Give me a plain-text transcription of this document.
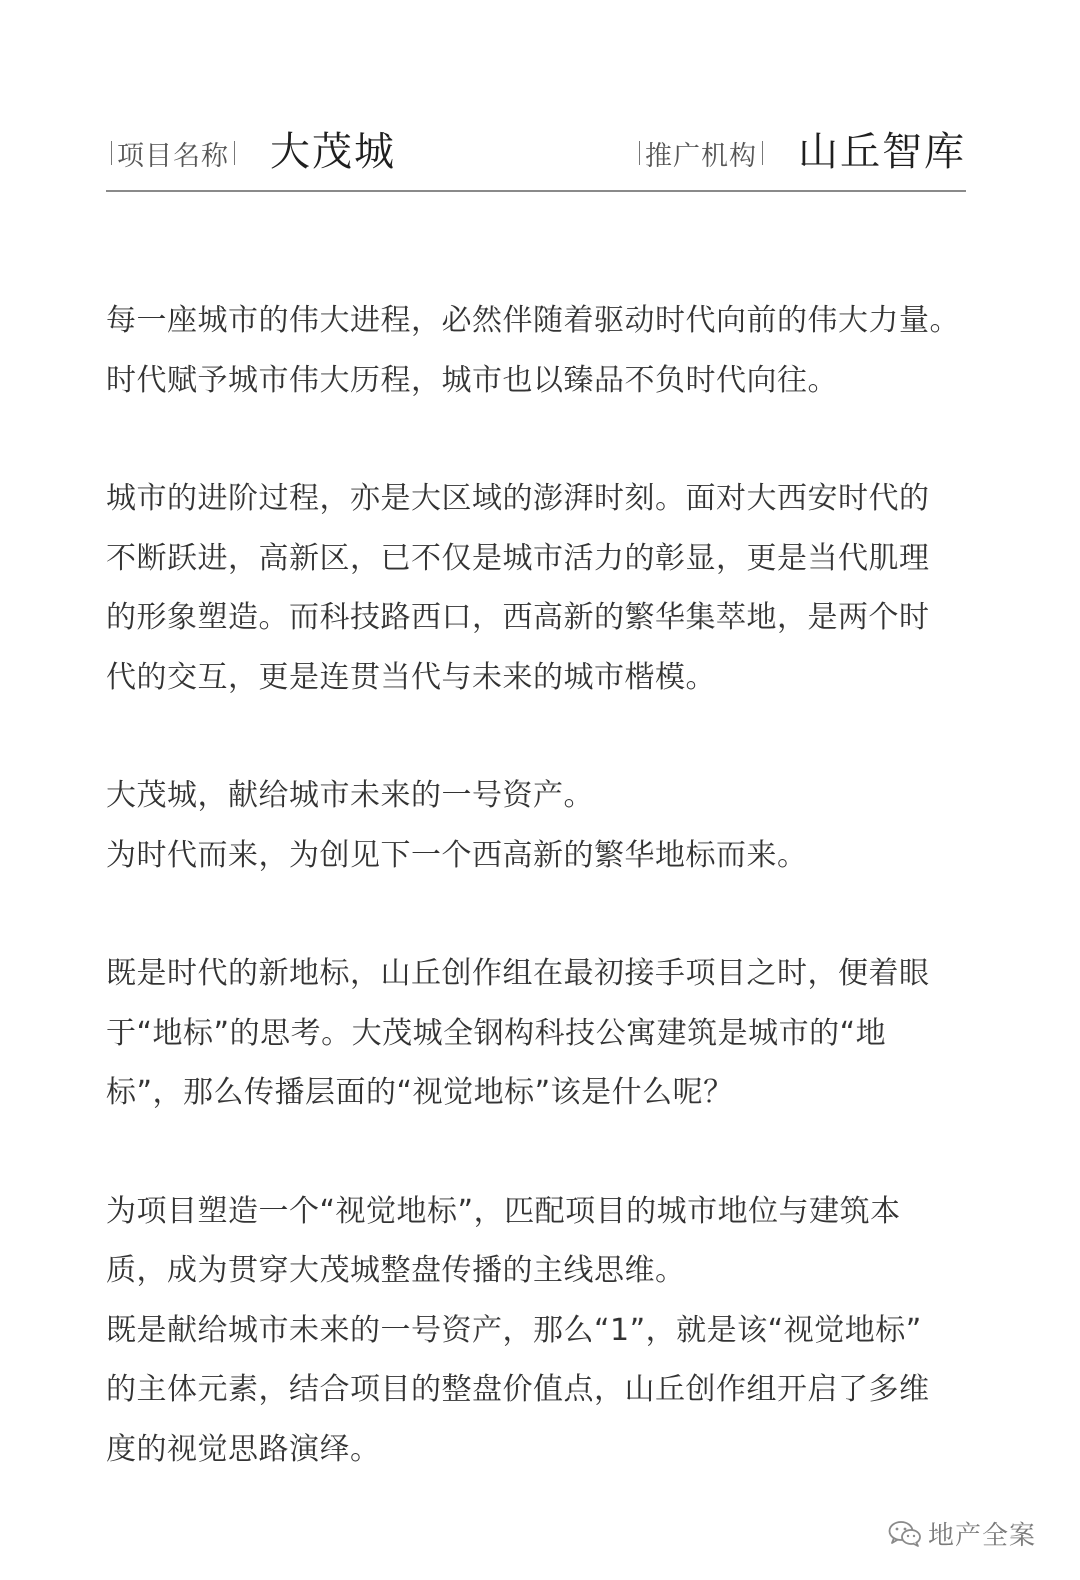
项目名称 大茂城	推广机构 山丘智库
每一座城市的伟大进程，必然伴随着驱动时代向前的伟大力量。
时代赋予城市伟大历程，城市也以臻品不负时代向往。
城市的进阶过程，亦是大区域的澎湃时刻。面对大西安时代的
不断跃进，高新区，已不仅是城市活力的彰显，更是当代肌理
的形象塑造。而科技路西口，西高新的繁华集萃地，是两个时
代的交互，更是连贯当代与未来的城市楷模。
大茂城，献给城市未来的一号资产。
为时代而来，为创见下一个西高新的繁华地标而来。
既是时代的新地标，山丘创作组在最初接手项目之时，便着眼
于“地标”的思考。大茂城全钢构科技公寓建筑是城市的“地
标”，那么传播层面的“视觉地标”该是什么呢？
为项目塑造一个“视觉地标”，匹配项目的城市地位与建筑本
质，成为贯穿大茂城整盘传播的主线思维。
既是献给城市未来的一号资产，那么“1”，就是该“视觉地标”
的主体元素，结合项目的整盘价值点，山丘创作组开启了多维
度的视觉思路演绎。
地产全案
